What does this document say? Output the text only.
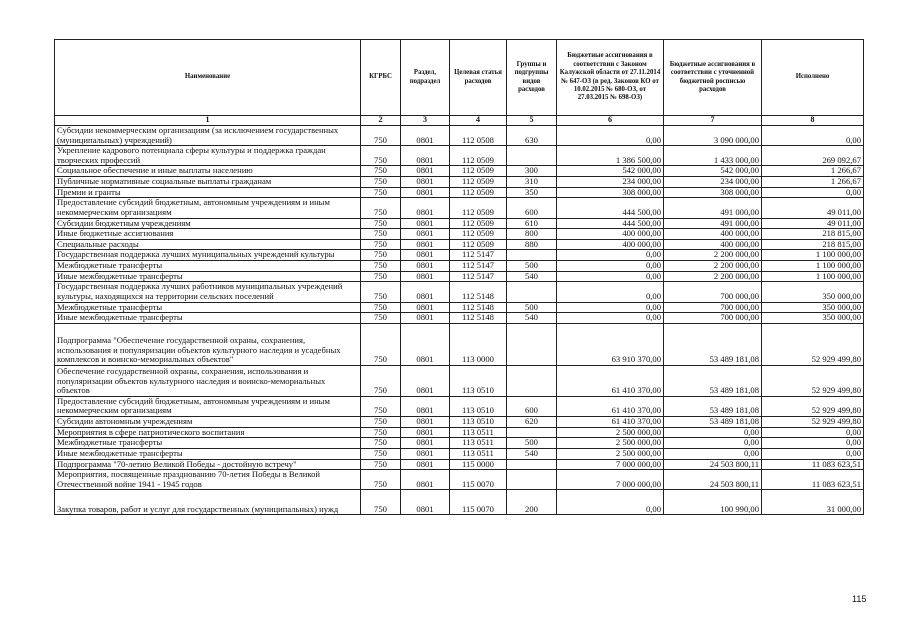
Наименование	КГРБС	Раздел, подраздел	Целевая статья расходов	Группы и подгруппы видов расходов	Бюджетные ассигнования в соответствии с Законом Калужской области от 27.11.2014 № 647-ОЗ (в ред. Законов КО от 10.02.2015 № 680-ОЗ, от 27.03.2015 № 698-ОЗ)	Бюджетные ассигнования в соответствии с уточненной бюджетной росписью расходов	Исполнено
1	2	3	4	5	6	7	8
Субсидии некоммерческим организациям (за исключением государственных (муниципальных) учреждений)	750	0801	112 0508	630	0,00	3 090 000,00	0,00
Укрепление кадрового потенциала сферы культуры и поддержка граждан творческих профессий	750	0801	112 0509		1 386 500,00	1 433 000,00	269 092,67
Социальное обеспечение и иные выплаты населению	750	0801	112 0509	300	542 000,00	542 000,00	1 266,67
Публичные нормативные социальные выплаты гражданам	750	0801	112 0509	310	234 000,00	234 000,00	1 266,67
Премии и гранты	750	0801	112 0509	350	308 000,00	308 000,00	0,00
Предоставление субсидий бюджетным, автономным учреждениям и иным некоммерческим организациям	750	0801	112 0509	600	444 500,00	491 000,00	49 011,00
Субсидии бюджетным учреждениям	750	0801	112 0509	610	444 500,00	491 000,00	49 011,00
Иные бюджетные ассигнования	750	0801	112 0509	800	400 000,00	400 000,00	218 815,00
Специальные расходы	750	0801	112 0509	880	400 000,00	400 000,00	218 815,00
Государственная поддержка лучших муниципальных учреждений культуры	750	0801	112 5147		0,00	2 200 000,00	1 100 000,00
Межбюджетные трансферты	750	0801	112 5147	500	0,00	2 200 000,00	1 100 000,00
Иные межбюджетные трансферты	750	0801	112 5147	540	0,00	2 200 000,00	1 100 000,00
Государственная поддержка лучших работников муниципальных учреждений культуры, находящихся на территории сельских поселений	750	0801	112 5148		0,00	700 000,00	350 000,00
Межбюджетные трансферты	750	0801	112 5148	500	0,00	700 000,00	350 000,00
Иные межбюджетные трансферты	750	0801	112 5148	540	0,00	700 000,00	350 000,00
Подпрограмма "Обеспечение государственной охраны, сохранения, использования и популяризации объектов культурного наследия и усадебных комплексов и воинско-мемориальных объектов"	750	0801	113 0000		63 910 370,00	53 489 181,08	52 929 499,80
Обеспечение государственной охраны, сохранения, использования и популяризации объектов культурного наследия и воинско-мемориальных объектов	750	0801	113 0510		61 410 370,00	53 489 181,08	52 929 499,80
Предоставление субсидий бюджетным, автономным учреждениям и иным некоммерческим организациям	750	0801	113 0510	600	61 410 370,00	53 489 181,08	52 929 499,80
Субсидии автономным учреждениям	750	0801	113 0510	620	61 410 370,00	53 489 181,08	52 929 499,80
Мероприятия в сфере патриотического воспитания	750	0801	113 0511		2 500 000,00	0,00	0,00
Межбюджетные трансферты	750	0801	113 0511	500	2 500 000,00	0,00	0,00
Иные межбюджетные трансферты	750	0801	113 0511	540	2 500 000,00	0,00	0,00
Подпрограмма "70-летию Великой Победы - достойную встречу"	750	0801	115 0000		7 000 000,00	24 503 800,11	11 083 623,51
Мероприятия, посвященные празднованию 70-летия Победы в Великой Отечественной войне 1941 - 1945 годов	750	0801	115 0070		7 000 000,00	24 503 800,11	11 083 623,51
Закупка товаров, работ и услуг для государственных (муниципальных) нужд	750	0801	115 0070	200	0,00	100 990,00	31 000,00
115
